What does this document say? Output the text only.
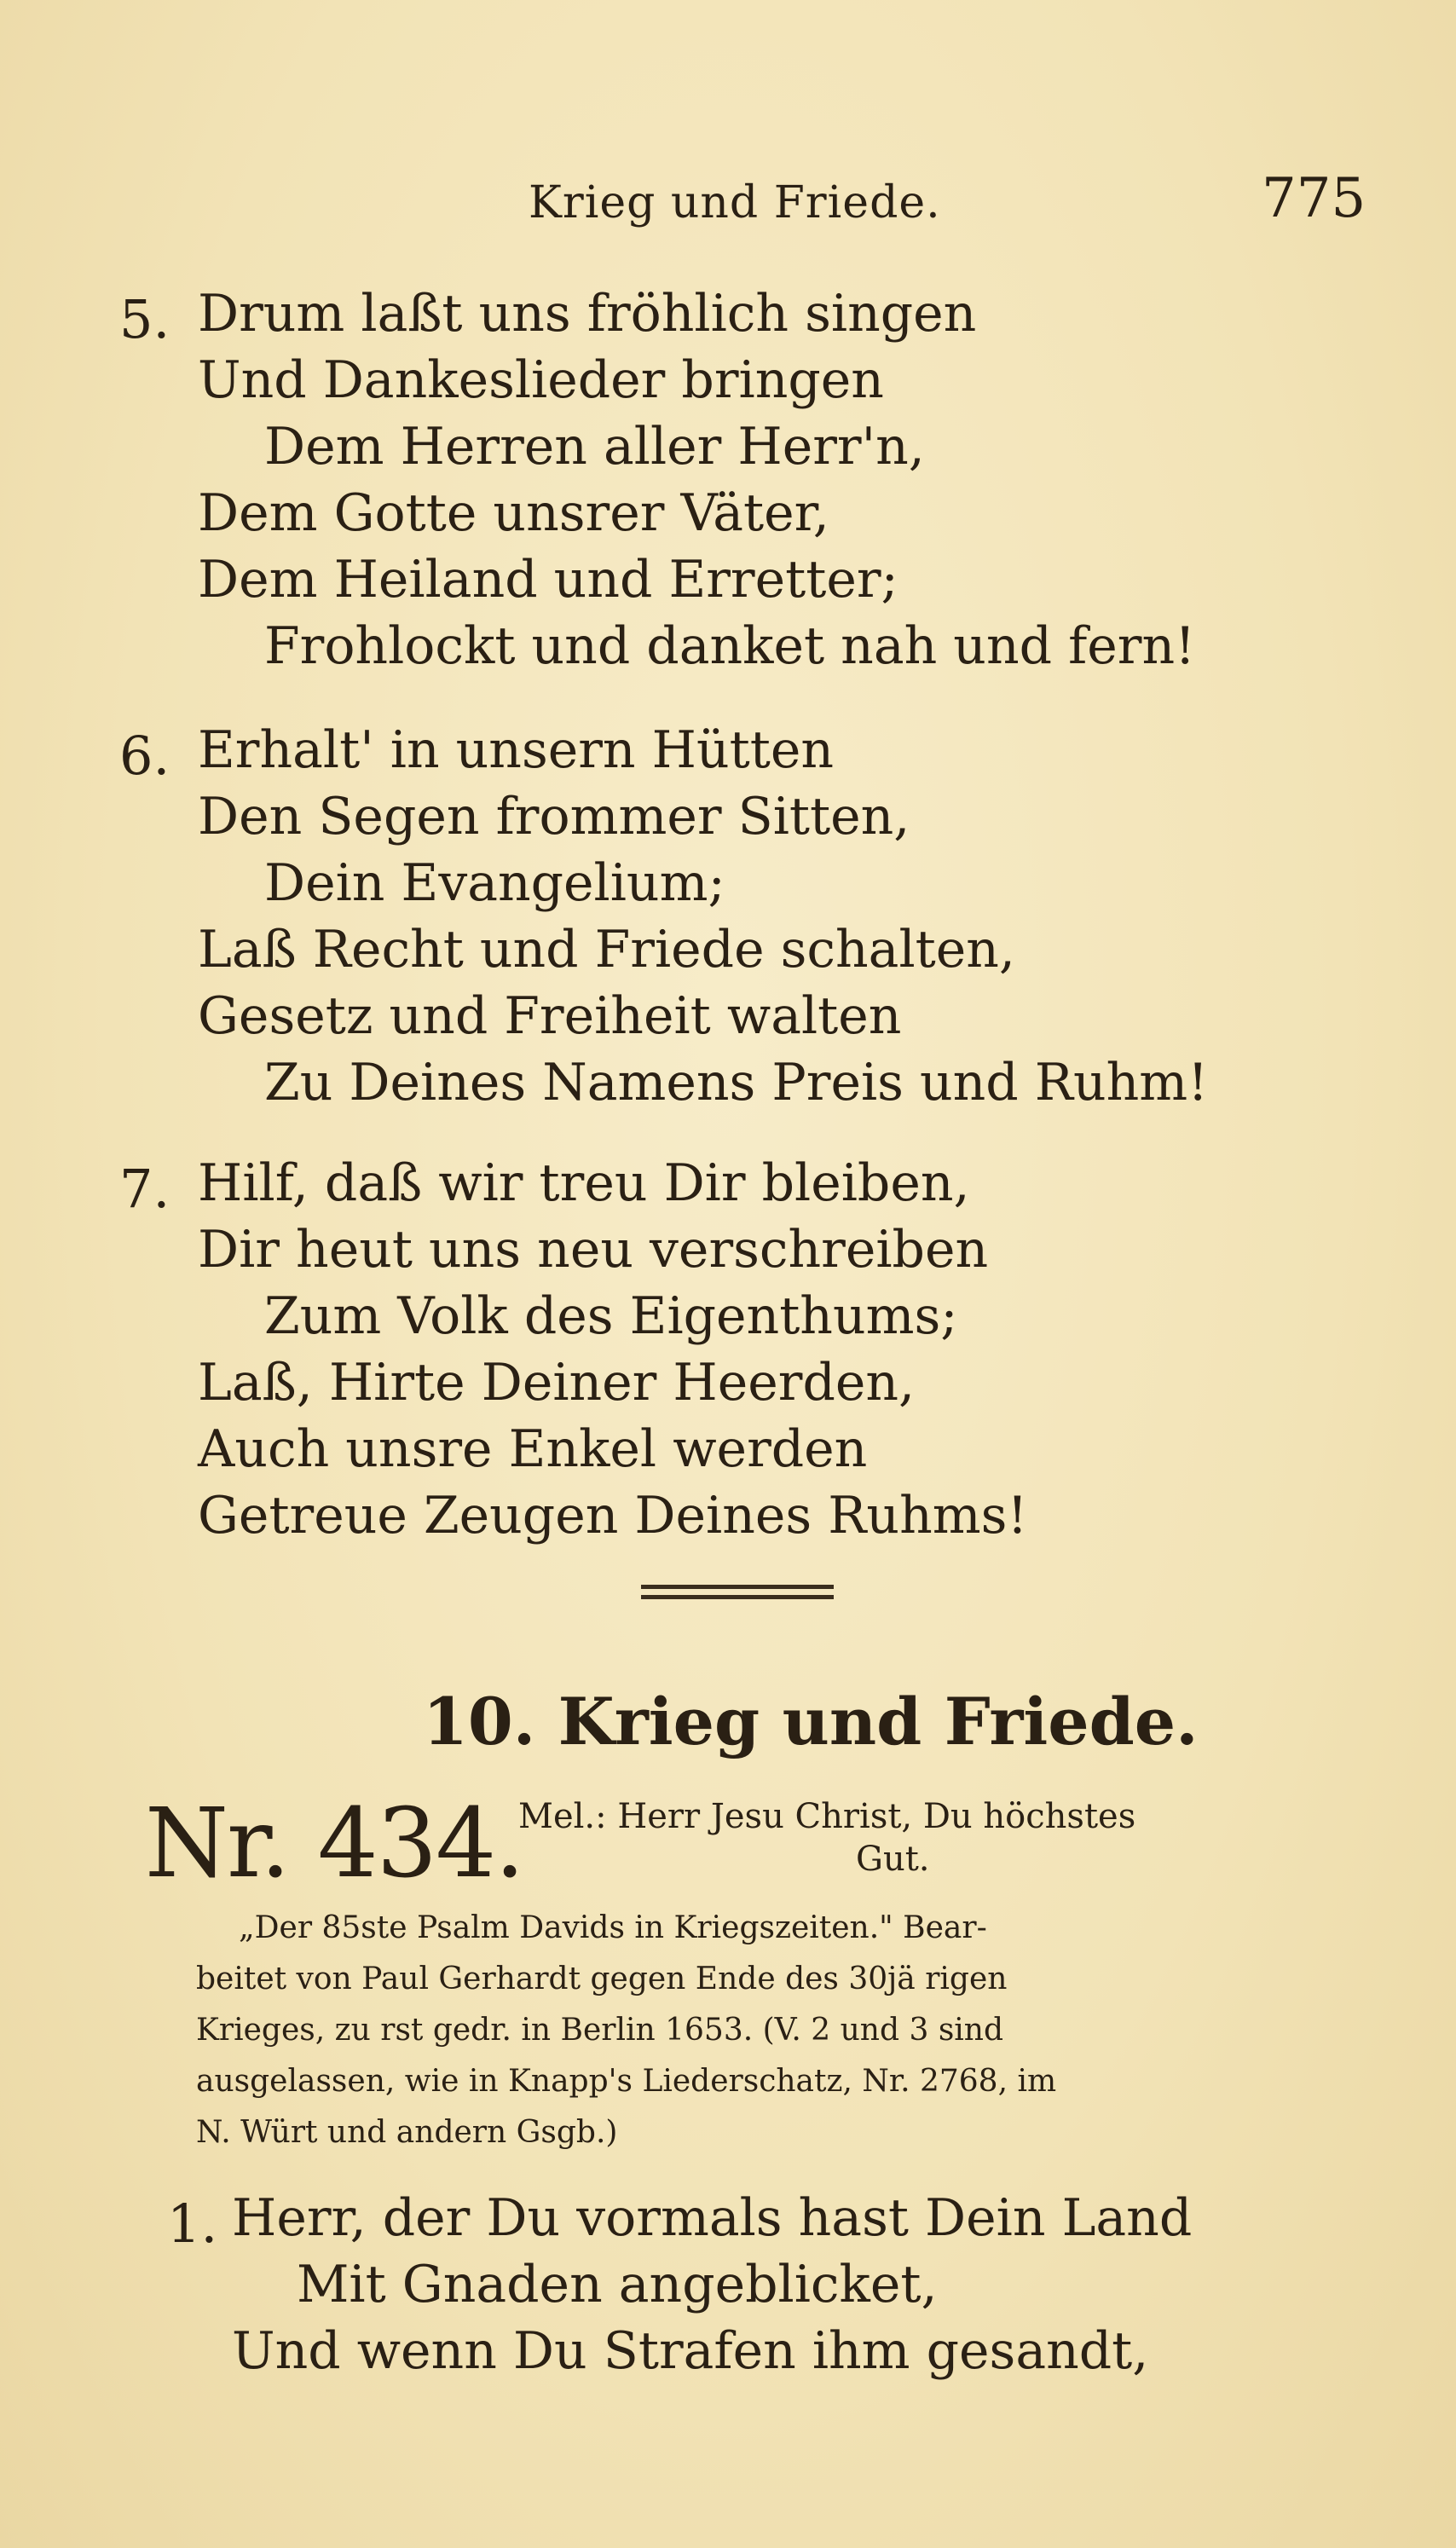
Krieg und Friede.	775
5. Drum laßt uns fröhlich singen
Und Dankeslieder bringen
Dem Herren aller Herr'n,
Dem Gotte unsrer Väter,
Dem Heiland und Erretter;
Frohlockt und danket nah und fern!
6. Erhalt' in unsern Hütten
Den Segen frommer Sitten,
Dein Evangelium;
Laß Recht und Friede schalten,
Gesetz und Freiheit walten
Zu Deines Namens Preis und Ruhm!
7. Hilf, daß wir treu Dir bleiben,
Dir heut uns neu verschreiben
Zum Volk des Eigenthums;
Laß, Hirte Deiner Heerden,
Auch unsre Enkel werden
Getreue Zeugen Deines Ruhms!
10. Krieg und Friede.
Nr. 434.
Mel.: Herr Jesu Christ, Du höchstes
Gut.
„Der 85ste Psalm Davids in Kriegszeiten." Bear-
beitet von Paul Gerhardt gegen Ende des 30jä rigen
Krieges, zu rst gedr. in Berlin 1653. (V. 2 und 3 sind
ausgelassen, wie in Knapp's Liederschatz, Nr. 2768, im
N. Würt und andern Gsgb.)
1. Herr, der Du vormals hast Dein Land
Mit Gnaden angeblicket,
Und wenn Du Strafen ihm gesandt,
